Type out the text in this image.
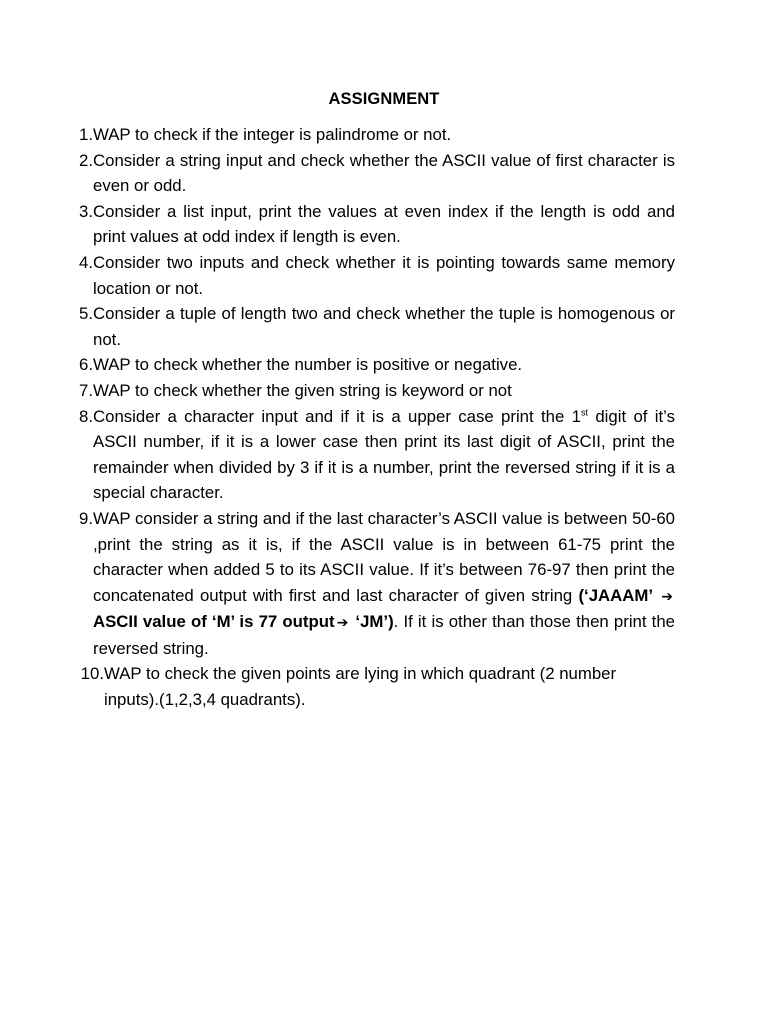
ASSIGNMENT
1. WAP to check if the integer is palindrome or not.
2. Consider a string input and check whether the ASCII value of first character is even or odd.
3. Consider a list input, print the values at even index if the length is odd and print values at odd index if length is even.
4. Consider two inputs and check whether it is pointing towards same memory location or not.
5. Consider a tuple of length two and check whether the tuple is homogenous or not.
6. WAP to check whether the number is positive or negative.
7. WAP to check whether the given string is keyword or not
8. Consider a character input and if it is a upper case print the 1st digit of it’s ASCII number, if it is a lower case then print its last digit of ASCII, print the remainder when divided by 3 if it is a number, print the reversed string if it is a special character.
9. WAP consider a string and if the last character’s ASCII value is between 50-60 ,print the string as it is, if the ASCII value is in between 61-75 print the character when added 5 to its ASCII value. If it’s between 76-97 then print the concatenated output with first and last character of given string (‘JAAAM’ ➔ ASCII value of ‘M’ is 77 output ➔ ‘JM’). If it is other than those then print the reversed string.
10. WAP to check the given points are lying in which quadrant (2 number inputs).(1,2,3,4 quadrants).
